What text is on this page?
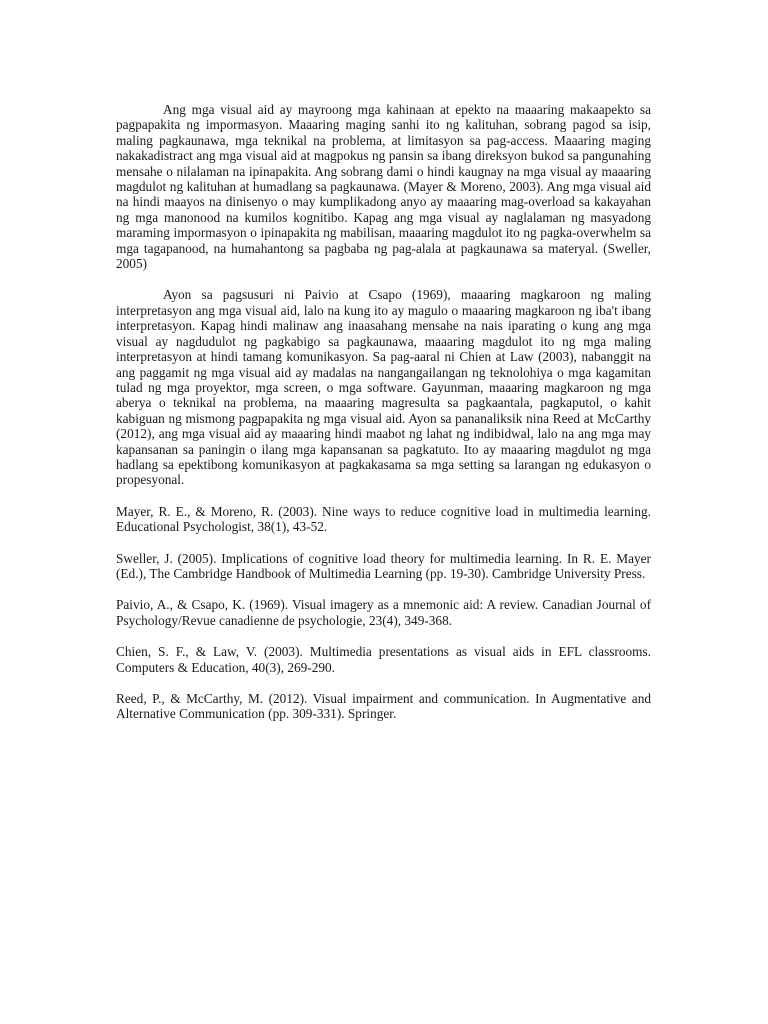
Ang mga visual aid ay mayroong mga kahinaan at epekto na maaaring makaapekto sa pagpapakita ng impormasyon. Maaaring maging sanhi ito ng kalituhan, sobrang pagod sa isip, maling pagkaunawa, mga teknikal na problema, at limitasyon sa pag-access. Maaaring maging nakakadistract ang mga visual aid at magpokus ng pansin sa ibang direksyon bukod sa pangunahing mensahe o nilalaman na ipinapakita. Ang sobrang dami o hindi kaugnay na mga visual ay maaaring magdulot ng kalituhan at humadlang sa pagkaunawa. (Mayer & Moreno, 2003). Ang mga visual aid na hindi maayos na dinisenyo o may kumplikadong anyo ay maaaring mag-overload sa kakayahan ng mga manonood na kumilos kognitibo. Kapag ang mga visual ay naglalaman ng masyadong maraming impormasyon o ipinapakita ng mabilisan, maaaring magdulot ito ng pagka-overwhelm sa mga tagapanood, na humahantong sa pagbaba ng pag-alala at pagkaunawa sa materyal. (Sweller, 2005)

Ayon sa pagsusuri ni Paivio at Csapo (1969), maaaring magkaroon ng maling interpretasyon ang mga visual aid, lalo na kung ito ay magulo o maaaring magkaroon ng iba't ibang interpretasyon. Kapag hindi malinaw ang inaasahang mensahe na nais iparating o kung ang mga visual ay nagdudulot ng pagkabigo sa pagkaunawa, maaaring magdulot ito ng mga maling interpretasyon at hindi tamang komunikasyon. Sa pag-aaral ni Chien at Law (2003), nabanggit na ang paggamit ng mga visual aid ay madalas na nangangailangan ng teknolohiya o mga kagamitan tulad ng mga proyektor, mga screen, o mga software. Gayunman, maaaring magkaroon ng mga aberya o teknikal na problema, na maaaring magresulta sa pagkaantala, pagkaputol, o kahit kabiguan ng mismong pagpapakita ng mga visual aid. Ayon sa pananaliksik nina Reed at McCarthy (2012), ang mga visual aid ay maaaring hindi maabot ng lahat ng indibidwal, lalo na ang mga may kapansanan sa paningin o ilang mga kapansanan sa pagkatuto. Ito ay maaaring magdulot ng mga hadlang sa epektibong komunikasyon at pagkakasama sa mga setting sa larangan ng edukasyon o propesyonal.

Mayer, R. E., & Moreno, R. (2003). Nine ways to reduce cognitive load in multimedia learning. Educational Psychologist, 38(1), 43-52.

Sweller, J. (2005). Implications of cognitive load theory for multimedia learning. In R. E. Mayer (Ed.), The Cambridge Handbook of Multimedia Learning (pp. 19-30). Cambridge University Press.

Paivio, A., & Csapo, K. (1969). Visual imagery as a mnemonic aid: A review. Canadian Journal of Psychology/Revue canadienne de psychologie, 23(4), 349-368.

Chien, S. F., & Law, V. (2003). Multimedia presentations as visual aids in EFL classrooms. Computers & Education, 40(3), 269-290.

Reed, P., & McCarthy, M. (2012). Visual impairment and communication. In Augmentative and Alternative Communication (pp. 309-331). Springer.
